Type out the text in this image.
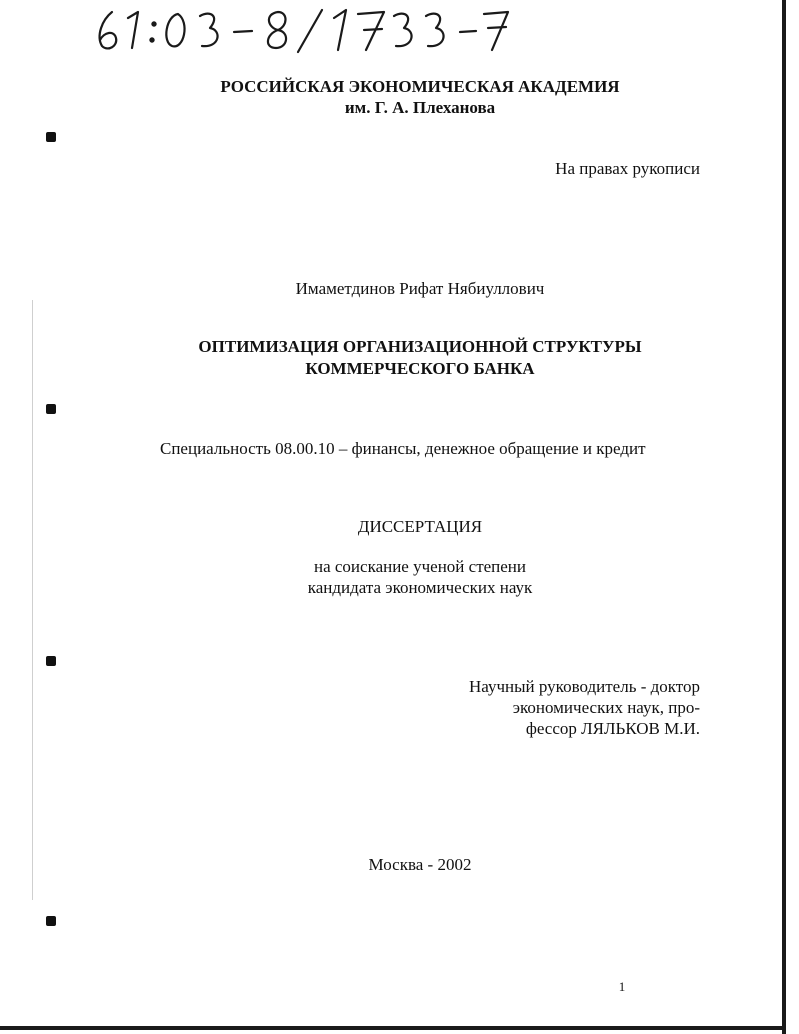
РОССИЙСКАЯ ЭКОНОМИЧЕСКАЯ АКАДЕМИЯ
им. Г. А. Плеханова
На правах рукописи
Имаметдинов Рифат Нябиуллович
ОПТИМИЗАЦИЯ ОРГАНИЗАЦИОННОЙ СТРУКТУРЫ
КОММЕРЧЕСКОГО БАНКА
Специальность 08.00.10 – финансы, денежное обращение и кредит
ДИССЕРТАЦИЯ
на соискание ученой степени
кандидата экономических наук
Научный руководитель - доктор
экономических наук, про-
фессор ЛЯЛЬКОВ М.И.
Москва - 2002
1
